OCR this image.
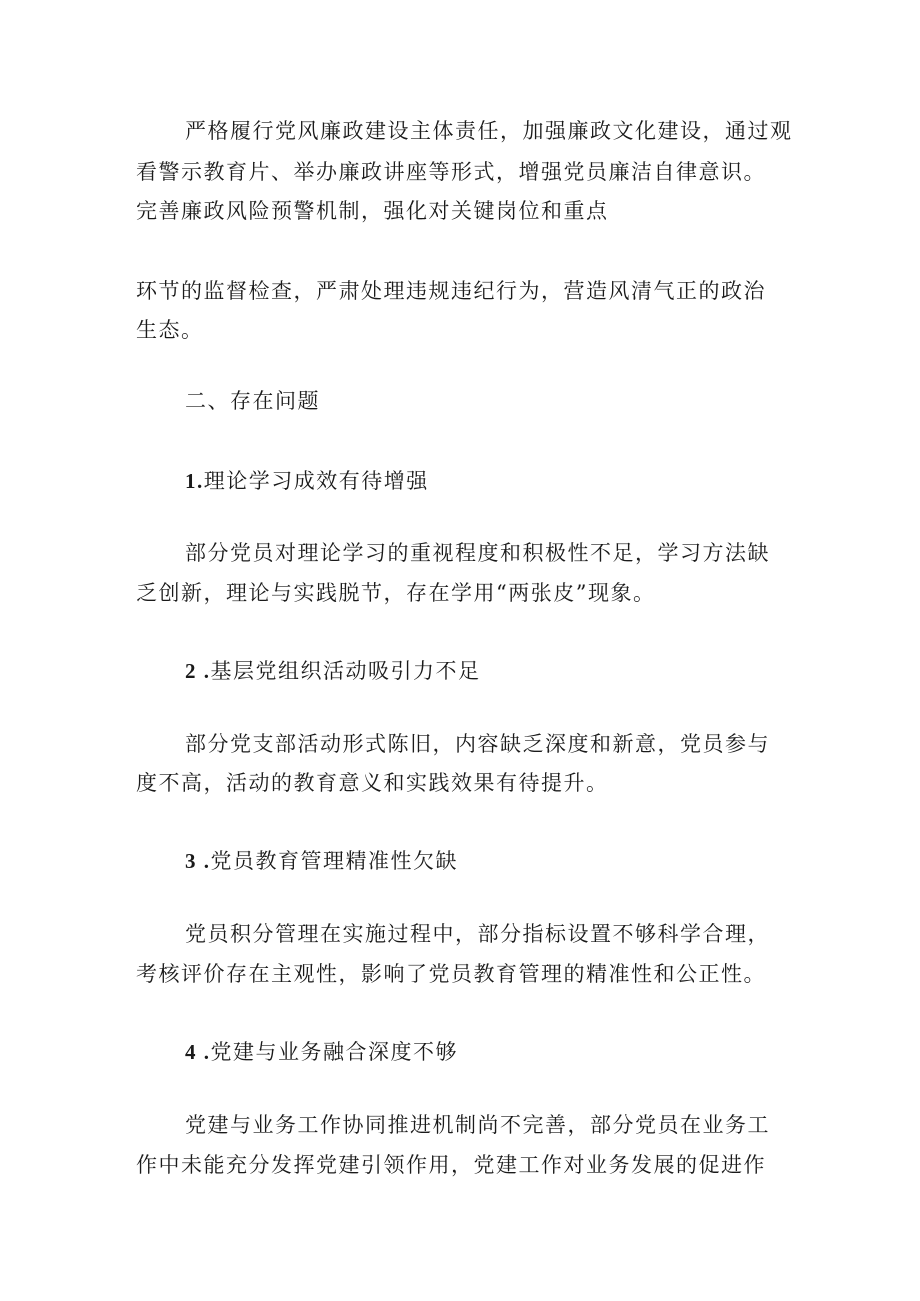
严格履行党风廉政建设主体责任，加强廉政文化建设，通过观
看警示教育片、举办廉政讲座等形式，增强党员廉洁自律意识。
完善廉政风险预警机制，强化对关键岗位和重点
环节的监督检查，严肃处理违规违纪行为，营造风清气正的政治
生态。
二、存在问题
1.理论学习成效有待增强
部分党员对理论学习的重视程度和积极性不足，学习方法缺
乏创新，理论与实践脱节，存在学用“两张皮”现象。
2 .基层党组织活动吸引力不足
部分党支部活动形式陈旧，内容缺乏深度和新意，党员参与
度不高，活动的教育意义和实践效果有待提升。
3 .党员教育管理精准性欠缺
党员积分管理在实施过程中，部分指标设置不够科学合理，
考核评价存在主观性，影响了党员教育管理的精准性和公正性。
4 .党建与业务融合深度不够
党建与业务工作协同推进机制尚不完善，部分党员在业务工
作中未能充分发挥党建引领作用，党建工作对业务发展的促进作
